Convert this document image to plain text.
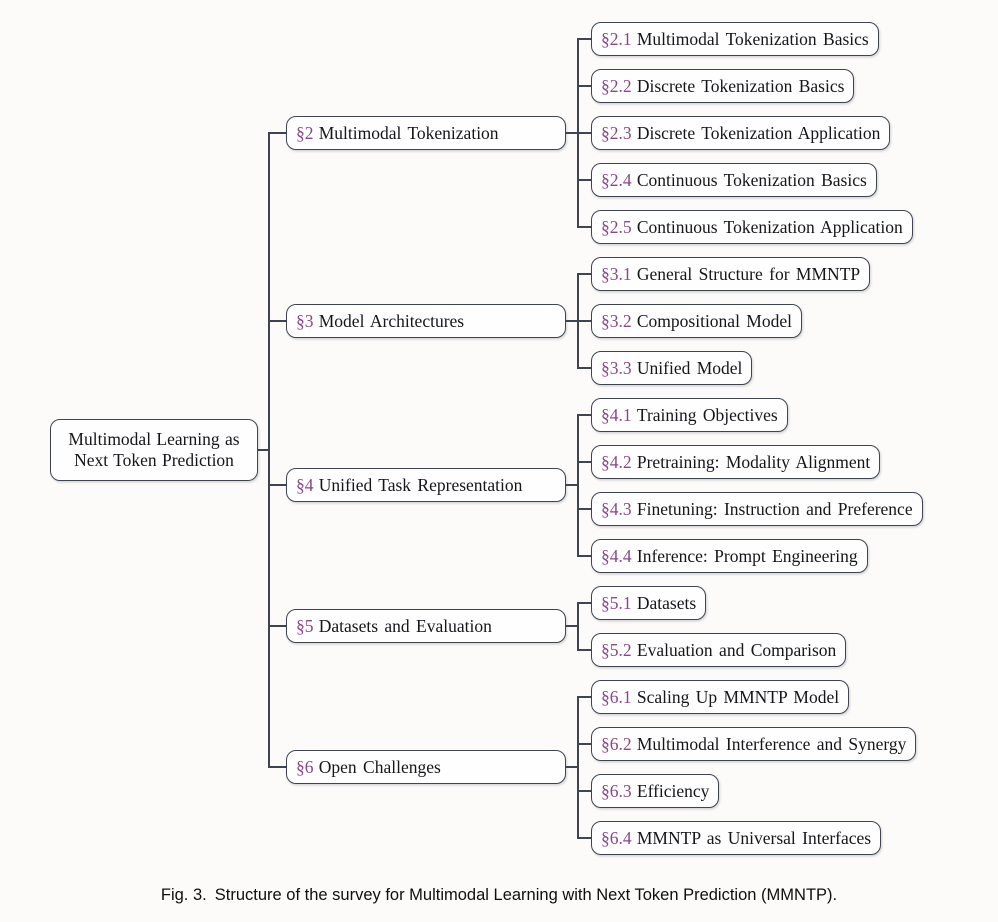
Multimodal Learning as
Next Token Prediction
§2 Multimodal Tokenization
§3 Model Architectures
§4 Unified Task Representation
§5 Datasets and Evaluation
§6 Open Challenges
§2.1 Multimodal Tokenization Basics
§2.2 Discrete Tokenization Basics
§2.3 Discrete Tokenization Application
§2.4 Continuous Tokenization Basics
§2.5 Continuous Tokenization Application
§3.1 General Structure for MMNTP
§3.2 Compositional Model
§3.3 Unified Model
§4.1 Training Objectives
§4.2 Pretraining: Modality Alignment
§4.3 Finetuning: Instruction and Preference
§4.4 Inference: Prompt Engineering
§5.1 Datasets
§5.2 Evaluation and Comparison
§6.1 Scaling Up MMNTP Model
§6.2 Multimodal Interference and Synergy
§6.3 Efficiency
§6.4 MMNTP as Universal Interfaces
Fig. 3. Structure of the survey for Multimodal Learning with Next Token Prediction (MMNTP).
